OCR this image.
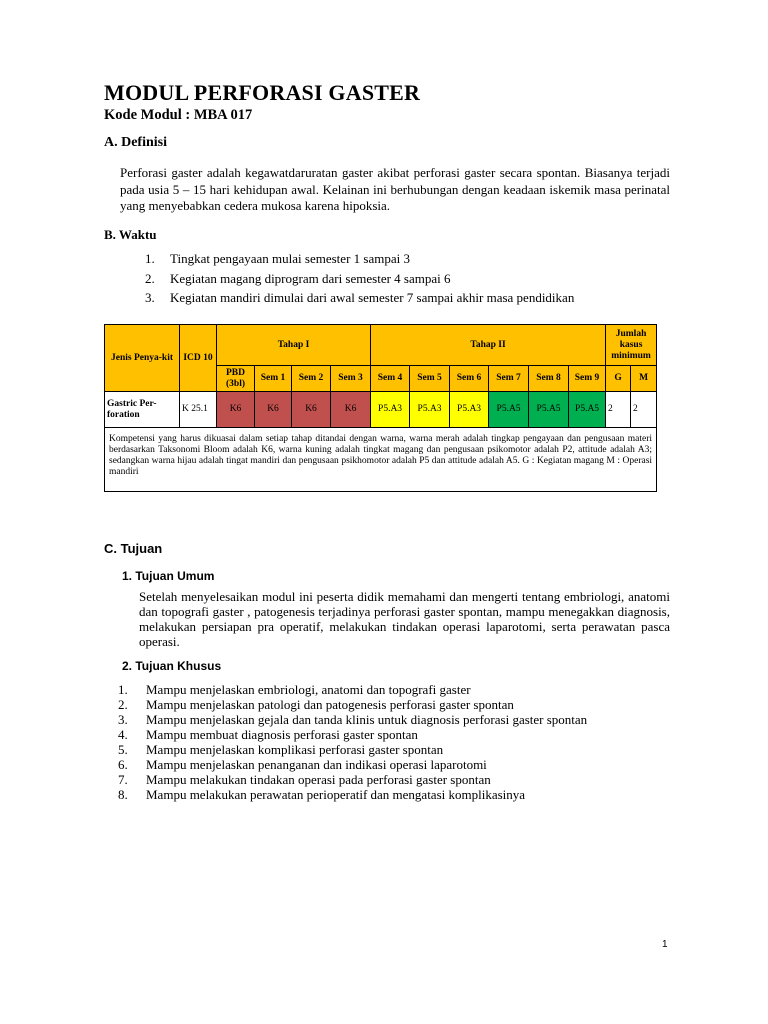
MODUL PERFORASI GASTER
Kode Modul : MBA 017
A. Definisi
Perforasi gaster adalah kegawatdaruratan gaster akibat perforasi gaster secara spontan. Biasanya terjadi pada usia 5 – 15 hari kehidupan awal. Kelainan ini berhubungan dengan keadaan iskemik masa perinatal yang menyebabkan cedera mukosa karena hipoksia.
B. Waktu
1.	Tingkat pengayaan mulai semester 1 sampai 3
2.	Kegiatan magang diprogram dari semester 4 sampai 6
3.	Kegiatan mandiri dimulai dari awal semester 7 sampai akhir masa pendidikan
Jenis Penya-kit	ICD 10	Tahap I				Tahap II						Jumlah kasus minimum	
		PBD (3bl)	Sem 1	Sem 2	Sem 3	Sem 4	Sem 5	Sem 6	Sem 7	Sem 8	Sem 9	G	M
Gastric Per-foration	K 25.1	K6	K6	K6	K6	P5.A3	P5.A3	P5.A3	P5.A5	P5.A5	P5.A5	2	2
Kompetensi yang harus dikuasai dalam setiap tahap ditandai dengan warna, warna merah adalah tingkap pengayaan dan pengusaan materi berdasarkan Taksonomi Bloom adalah K6, warna kuning adalah tingkat magang dan pengusaan psikomotor adalah P2, attitude adalah A3; sedangkan warna hijau adalah tingat mandiri dan pengusaan psikhomotor adalah P5 dan attitude adalah A5. G : Kegiatan magang M : Operasi mandiri													
C. Tujuan
1. Tujuan Umum
Setelah menyelesaikan modul ini peserta didik memahami dan mengerti tentang embriologi, anatomi dan topografi gaster , patogenesis terjadinya perforasi gaster spontan, mampu menegakkan diagnosis, melakukan persiapan pra operatif, melakukan tindakan operasi laparotomi, serta perawatan pasca operasi.
2. Tujuan Khusus
1.	Mampu menjelaskan embriologi, anatomi dan topografi gaster
2.	Mampu menjelaskan patologi dan patogenesis perforasi gaster spontan
3.	Mampu menjelaskan gejala dan tanda klinis untuk diagnosis perforasi gaster spontan
4.	Mampu membuat diagnosis perforasi gaster spontan
5.	Mampu menjelaskan komplikasi perforasi gaster spontan
6.	Mampu menjelaskan penanganan dan indikasi operasi laparotomi
7.	Mampu melakukan tindakan operasi pada perforasi gaster spontan
8.	Mampu melakukan perawatan perioperatif dan mengatasi komplikasinya
1
